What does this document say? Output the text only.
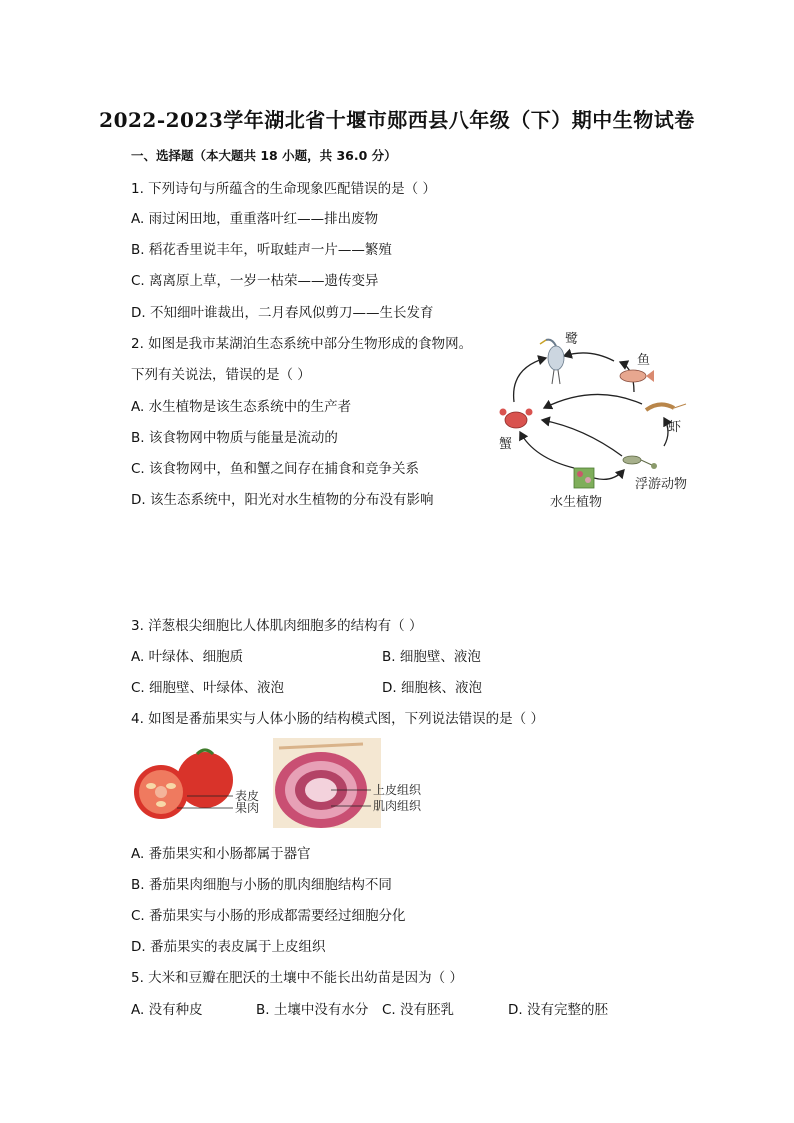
2022-2023学年湖北省十堰市郧西县八年级（下）期中生物试卷
一、选择题（本大题共 18 小题，共 36.0 分）
1. 下列诗句与所蕴含的生命现象匹配错误的是（ ）
A. 雨过闲田地，重重落叶红——排出废物
B. 稻花香里说丰年，听取蛙声一片——繁殖
C. 离离原上草，一岁一枯荣——遗传变异
D. 不知细叶谁裁出，二月春风似剪刀——生长发育
2. 如图是我市某湖泊生态系统中部分生物形成的食物网。
下列有关说法，错误的是（ ）
A. 水生植物是该生态系统中的生产者
B. 该食物网中物质与能量是流动的
C. 该食物网中，鱼和蟹之间存在捕食和竞争关系
D. 该生态系统中，阳光对水生植物的分布没有影响
鹭
鱼
虾
蟹
浮游动物
水生植物
3. 洋葱根尖细胞比人体肌肉细胞多的结构有（ ）
A. 叶绿体、细胞质	B. 细胞壁、液泡
C. 细胞壁、叶绿体、液泡	D. 细胞核、液泡
4. 如图是番茄果实与人体小肠的结构模式图，下列说法错误的是（ ）
表皮
果肉
上皮组织
肌肉组织
A. 番茄果实和小肠都属于器官
B. 番茄果肉细胞与小肠的肌肉细胞结构不同
C. 番茄果实与小肠的形成都需要经过细胞分化
D. 番茄果实的表皮属于上皮组织
5. 大米和豆瓣在肥沃的土壤中不能长出幼苗是因为（ ）
A. 没有种皮	B. 土壤中没有水分 C. 没有胚乳	D. 没有完整的胚
